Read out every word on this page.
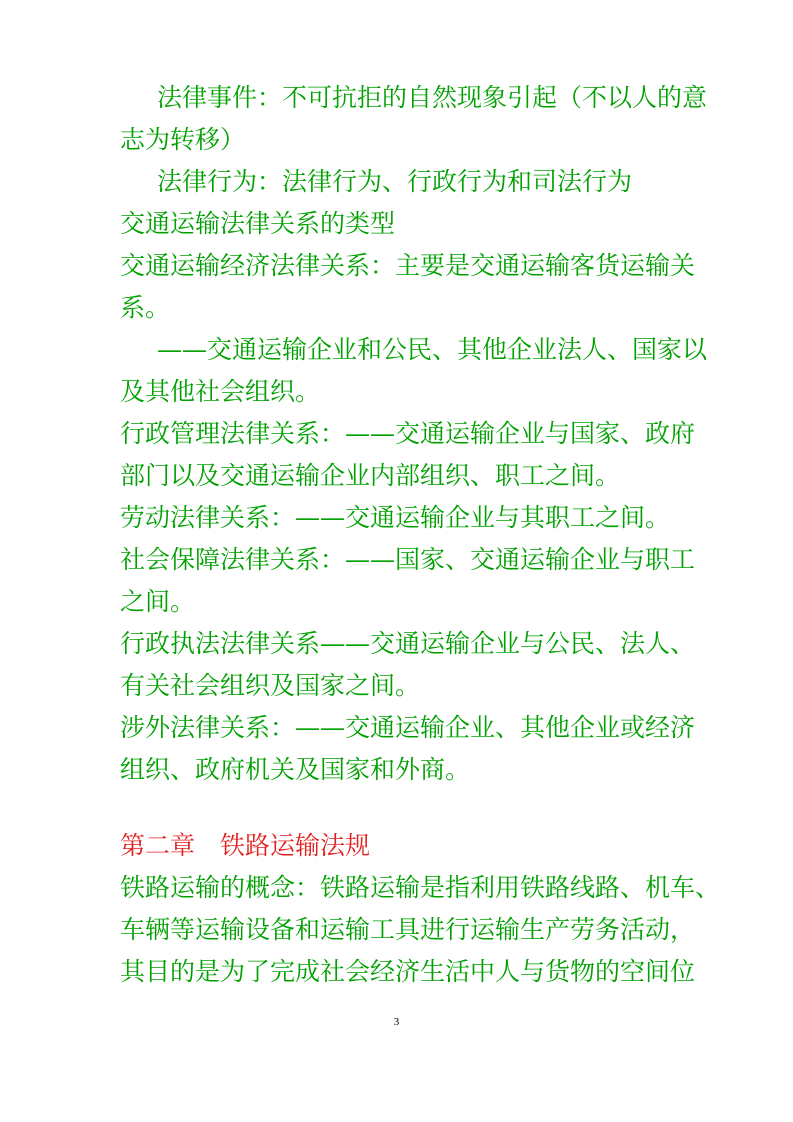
法律事件：不可抗拒的自然现象引起（不以人的意
志为转移）
法律行为：法律行为、行政行为和司法行为
交通运输法律关系的类型
交通运输经济法律关系：主要是交通运输客货运输关
系。
——交通运输企业和公民、其他企业法人、国家以
及其他社会组织。
行政管理法律关系：——交通运输企业与国家、政府
部门以及交通运输企业内部组织、职工之间。
劳动法律关系：——交通运输企业与其职工之间。
社会保障法律关系：——国家、交通运输企业与职工
之间。
行政执法法律关系——交通运输企业与公民、法人、
有关社会组织及国家之间。
涉外法律关系：——交通运输企业、其他企业或经济
组织、政府机关及国家和外商。
第二章　铁路运输法规
铁路运输的概念：铁路运输是指利用铁路线路、机车、
车辆等运输设备和运输工具进行运输生产劳务活动，
其目的是为了完成社会经济生活中人与货物的空间位
3
